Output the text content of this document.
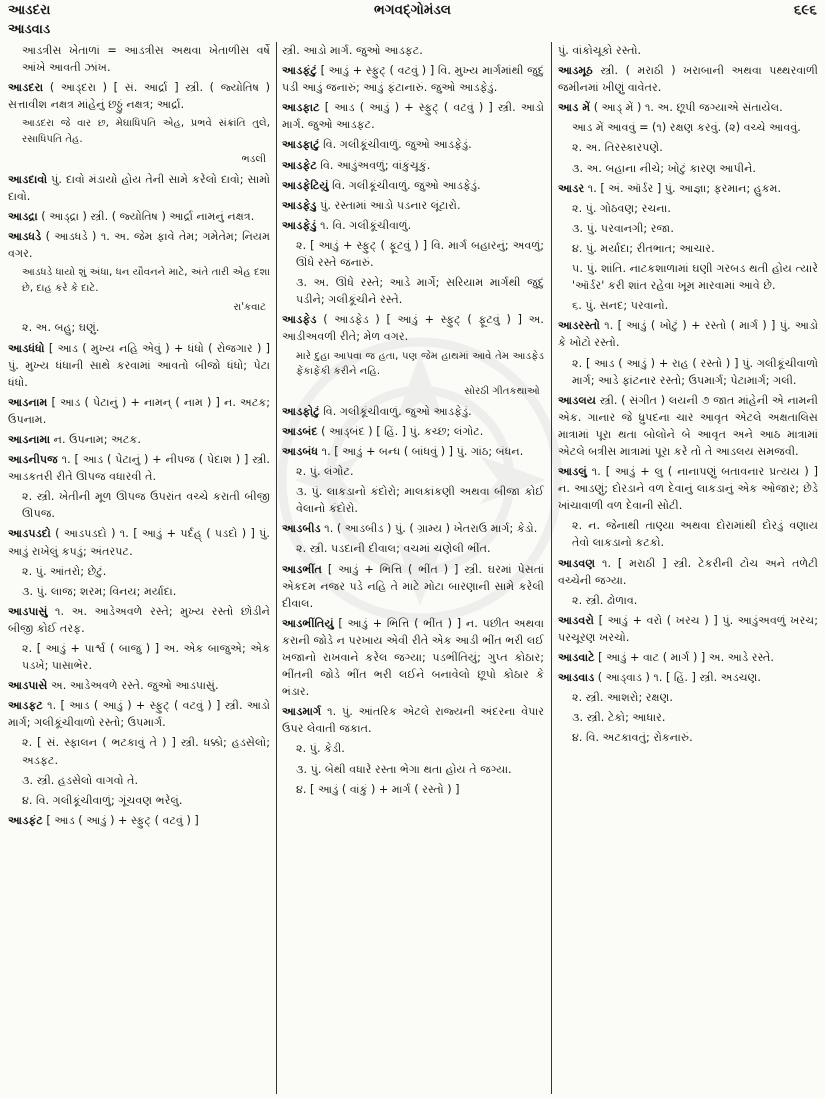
આડદરા	ભગવદ્ગોમંડલ	૬૯૬
આડવાડ
આડત્રીસ ખેતાળાં = આડત્રીસ અથવા ખેતાળીસ વર્ષે આંખે આવતી ઝાંખ.
આડદરા ( આડ્દરા ) [ સં. આર્દ્રા ] સ્ત્રી. ( જ્યોતિષ ) સત્તાવીશ નક્ષત્ર માંહેનું છઠ્ઠું નક્ષત્ર; આર્દ્રા.
આડદરા જે વાર છ, મેઘાધિપતિ એહ, પ્રભવે સંક્રાંતિ તુલે, રસાધિપતિ તેહ.
ભડલી
આડદાવો પું. દાવો મંડાયો હોય તેની સામે કરેલો દાવો; સામો દાવો.
આડદ્રા ( આડ્દ્રા ) સ્ત્રી. ( જ્યોતિષ ) આર્દ્રા નામનું નક્ષત્ર.
આડધડે ( આડધડે ) ૧. અ. જેમ ફાવે તેમ; ગમેતેમ; નિયમ વગર.
આડધડે ધાયો શું અંધા, ધન યૌવનને માટે, અંતે તારી એહ દશા છે, દાહ કરે કે દાટે.
રા'કવાટ
૨. અ. બહુ; ઘણું.
આડધંધો [ આડ ( મુખ્ય નહિ એવું ) + ધંધો ( રોજગાર ) ] પું. મુખ્ય ધંધાની સાથે કરવામાં આવતો બીજો ધંધો; પેટા ધંધો.
આડનામ [ આડ ( પેટાનું ) + નામન્ ( નામ ) ] ન. અટક; ઉપનામ.
આડનામા ન. ઉપનામ; અટક.
આડનીપજ ૧. [ આડ ( પેટાનું ) + નીપજ ( પેદાશ ) ] સ્ત્રી. આડકતરી રીતે ઊપજ વધારવી તે.
૨. સ્ત્રી. ખેતીની મૂળ ઊપજ ઉપરાંત વચ્ચે કરાતી બીજી ઊપજ.
આડપડદો ( આડપડદો ) ૧. [ આડું + પર્દહ્ ( પડદો ) ] પું. આડું રાખેલું કપડું; અંતરપટ.
૨. પું. આંતરો; છેટું.
૩. પું. લાજ; શરમ; વિનય; મર્યાદા.
આડપાસું ૧. અ. આડેઅવળે રસ્તે; મુખ્ય રસ્તો છોડીને બીજી કોઈ તરફ.
૨. [ આડું + પાર્શ્વ ( બાજુ ) ] અ. એક બાજુએ; એક પડખે; પાસાભેર.
આડપાસે અ. આડેઅવળે રસ્તે. જુઓ આડપાસું.
આડફટ ૧. [ આડ ( આડું ) + સ્ફુટ્ ( વટવું ) ] સ્ત્રી. આડો માર્ગ; ગલીકૂંચીવાળો રસ્તો; ઉપમાર્ગ.
૨. [ સં. સ્ફાલન ( ભટકાવું તે ) ] સ્ત્રી. ધક્કો; હડસેલો; અડફટ.
૩. સ્ત્રી. હડસેલો વાગવો તે.
૪. વિ. ગલીકૂંચીવાળું; ગૂંચવણ ભરેલું.
આડફંટ [ આડ ( આડું ) + સ્ફુટ્ ( વટવું ) ]
સ્ત્રી. આડો માર્ગ. જુઓ આડફટ.
આડફંટું [ આડું + સ્ફુટ્ ( વટવું ) ] વિ. મુખ્ય માર્ગમાંથી જુદું પડી આડું જનારું; આડું ફંટાનારું. જુઓ આડફેડું.
આડફાટ [ આડ ( આડું ) + સ્ફુટ્ ( વટવું ) ] સ્ત્રી. આડો માર્ગ. જુઓ આડફટ.
આડફાટું વિ. ગલીકૂંચીવાળું. જુઓ આડફેડું.
આડફેટ વિ. આડુંઅવળું; વાંકુંચૂકું.
આડફેટિયું વિ. ગલીકૂંચીવાળું. જુઓ આડફેડું.
આડફેડુ પું. રસ્તામાં આડો પડનાર લૂંટારો.
આડફેડું ૧. વિ. ગલીકૂંચીવાળું.
૨. [ આડું + સ્ફુટ્ ( ફૂટવું ) ] વિ. માર્ગ બહારનું; અવળું; ઊંધે રસ્તે જનારું.
૩. અ. ઊંધે રસ્તે; આડે માર્ગે; સરિયામ માર્ગથી જુદું પડીને; ગલીકૂંચીને રસ્તે.
આડફેડ ( આડફેડ ) [ આડું + સ્ફુટ્ ( ફૂટવું ) ] અ. આડીઅવળી રીતે; મેળ વગર.
મારે દુહા આપવા જ હતા, પણ જેમ હાથમાં આવે તેમ આડફેડ ફેંકાફેંકી કરીને નહિ.
સોરઠી ગીતકથાઓ
આડફોટું વિ. ગલીકૂંચીવાળું. જુઓ આડફેડું.
આડબંદ ( આડ્બંદ ) [ હિં. ] પું. કચ્છ; લંગોટ.
આડબંધ ૧. [ આડું + બન્ધ ( બાંધવું ) ] પું. ગાંઠ; બંધન.
૨. પું. લંગોટ.
૩. પું. લાકડાનો કંદોરો; માલકાંકણી અથવા બીજા કોઈ વેલાનો કંદોરો.
આડબીડ ૧. ( આડબીડ ) પું. ( ગ્રામ્ય ) ખેતરાઉ માર્ગ; કેડો.
૨. સ્ત્રી. પડદાની દીવાલ; વચમાં ચણેલી ભીંત.
આડભીંત [ આડું + ભિત્તિ ( ભીંત ) ] સ્ત્રી. ઘરમાં પેસતાં એકદમ નજર પડે નહિ તે માટે મોટા બારણાની સામે કરેલી દીવાલ.
આડભીંતિયું [ આડું + ભિત્તિ ( ભીંત ) ] ન. પછીત અથવા કરાની જોડે ન પરખાય એવી રીતે એક આડી ભીંત ભરી લઈ ખજાનો રાખવાને કરેલ જગ્યા; પડભીંતિયું; ગુપ્ત કોઠાર; ભીંતની જોડે ભીંત ભરી લઈને બનાવેલો છૂપો કોઠાર કે ભંડાર.
આડમાર્ગ ૧. પું. આંતરિક એટલે રાજ્યની અંદરના વેપાર ઉપર લેવાતી જકાત.
૨. પું. કેડી.
૩. પું. બેથી વધારે રસ્તા ભેગા થતા હોય તે જગ્યા.
૪. [ આડું ( વાંકું ) + માર્ગ ( રસ્તો ) ]
પું. વાંકોચૂકો રસ્તો.
આડમૂઠ સ્ત્રી. ( મરાઠી ) ખરાબાની અથવા પથ્થરવાળી જમીનમાં ખીણું વાવેતર.
આડ મેં ( આડ્ મેં ) ૧. અ. છૂપી જગ્યાએ સંતાયેલ.
આડ મેં આવવું = (૧) રક્ષણ કરવું. (૨) વચ્ચે આવવું.
૨. અ. તિરસ્કારપણે.
૩. અ. બહાના નીચે; ખોટું કારણ આપીને.
આડર ૧. [ અં. ઑર્ડર ] પું. આજ્ઞા; ફરમાન; હુકમ.
૨. પું. ગોઠવણ; રચના.
૩. પું. પરવાનગી; રજા.
૪. પું. મર્યાદા; રીતભાત; આચાર.
૫. પું. શાંતિ. નાટકશાળામાં ઘણી ગરબડ થતી હોય ત્યારે 'ઑર્ડર' કરી શાંત રહેવા ખૂમ મારવામાં આવે છે.
૬. પું. સનદ; પરવાનો.
આડરસ્તો ૧. [ આડું ( ખોટું ) + રસ્તો ( માર્ગ ) ] પું. આડો કે ખોટો રસ્તો.
૨. [ આડ ( આડું ) + રાહ ( રસ્તો ) ] પું. ગલીકૂંચીવાળો માર્ગ; આડે ફાંટનાર રસ્તો; ઉપમાર્ગ; પેટામાર્ગ; ગલી.
આડલય સ્ત્રી. ( સંગીત ) લયની ૭ જાત માંહેની એ નામની એક. ગાનાર જે ધ્રુપદના ચાર આવૃત એટલે અક્ષતાલિસ માત્રામાં પૂરા થતા બોલોને બે આવૃત અને આઠ માત્રામાં એટલે બત્રીસ માત્રામાં પૂરા કરે તો તે આડલય સમજવી.
આડલું ૧. [ આડું + લુ ( નાનાપણું બતાવનાર પ્રત્યય ) ] ન. આડણું; દોરડાને વળ દેવાનું લાકડાનું એક ઓજાર; છેડે ખાંચાવાળી વળ દેવાની સોટી.
૨. ન. જેનાથી તાણ્યા અથવા દોરામાંથી દોરડું વણાય તેવો લાકડાનો કટકો.
આડવણ ૧. [ મરાઠી ] સ્ત્રી. ટેકરીની ટોચ અને તળેટી વચ્ચેની જગ્યા.
૨. સ્ત્રી. ઢોળાવ.
આડવરો [ આડું + વરો ( ખરચ ) ] પું. આડુંઅવળું ખરચ; પરચૂરણ ખરચો.
આડવાટે [ આડું + વાટ ( માર્ગ ) ] અ. આડે રસ્તે.
આડવાડ ( આડ્વાડ ) ૧. [ હિં. ] સ્ત્રી. અડચણ.
૨. સ્ત્રી. આશરો; રક્ષણ.
૩. સ્ત્રી. ટેકો; આધાર.
૪. વિ. અટકાવતું; રોકનારું.
